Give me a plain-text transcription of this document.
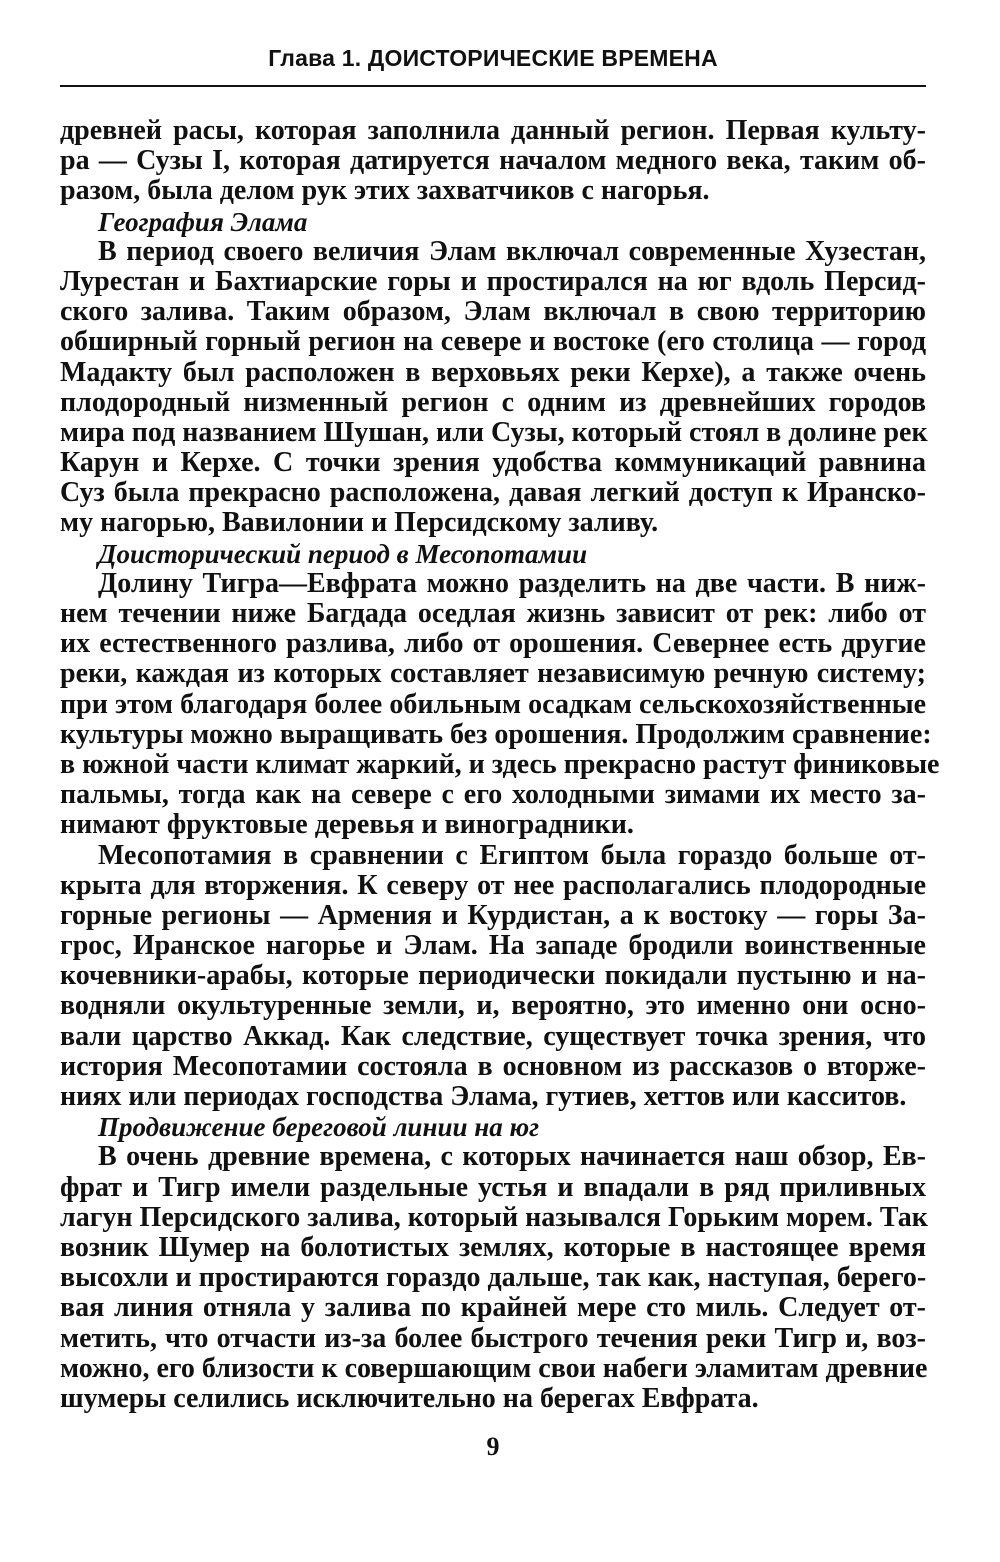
Глава 1. ДОИСТОРИЧЕСКИЕ ВРЕМЕНА
древней расы, которая заполнила данный регион. Первая культу-
ра — Сузы I, которая датируется началом медного века, таким об-
разом, была делом рук этих захватчиков с нагорья.
География Элама
В период своего величия Элам включал современные Хузестан,
Лурестан и Бахтиарские горы и простирался на юг вдоль Персид-
ского залива. Таким образом, Элам включал в свою территорию
обширный горный регион на севере и востоке (его столица — город
Мадакту был расположен в верховьях реки Керхе), а также очень
плодородный низменный регион с одним из древнейших городов
мира под названием Шушан, или Сузы, который стоял в долине рек
Карун и Керхе. С точки зрения удобства коммуникаций равнина
Суз была прекрасно расположена, давая легкий доступ к Иранско-
му нагорью, Вавилонии и Персидскому заливу.
Доисторический период в Месопотамии
Долину Тигра—Евфрата можно разделить на две части. В ниж-
нем течении ниже Багдада оседлая жизнь зависит от рек: либо от
их естественного разлива, либо от орошения. Севернее есть другие
реки, каждая из которых составляет независимую речную систему;
при этом благодаря более обильным осадкам сельскохозяйственные
культуры можно выращивать без орошения. Продолжим сравнение:
в южной части климат жаркий, и здесь прекрасно растут финиковые
пальмы, тогда как на севере с его холодными зимами их место за-
нимают фруктовые деревья и виноградники.
Месопотамия в сравнении с Египтом была гораздо больше от-
крыта для вторжения. К северу от нее располагались плодородные
горные регионы — Армения и Курдистан, а к востоку — горы За-
грос, Иранское нагорье и Элам. На западе бродили воинственные
кочевники-арабы, которые периодически покидали пустыню и на-
водняли окультуренные земли, и, вероятно, это именно они осно-
вали царство Аккад. Как следствие, существует точка зрения, что
история Месопотамии состояла в основном из рассказов о вторже-
ниях или периодах господства Элама, гутиев, хеттов или касситов.
Продвижение береговой линии на юг
В очень древние времена, с которых начинается наш обзор, Ев-
фрат и Тигр имели раздельные устья и впадали в ряд приливных
лагун Персидского залива, который назывался Горьким морем. Так
возник Шумер на болотистых землях, которые в настоящее время
высохли и простираются гораздо дальше, так как, наступая, берего-
вая линия отняла у залива по крайней мере сто миль. Следует от-
метить, что отчасти из-за более быстрого течения реки Тигр и, воз-
можно, его близости к совершающим свои набеги эламитам древние
шумеры селились исключительно на берегах Евфрата.
9
